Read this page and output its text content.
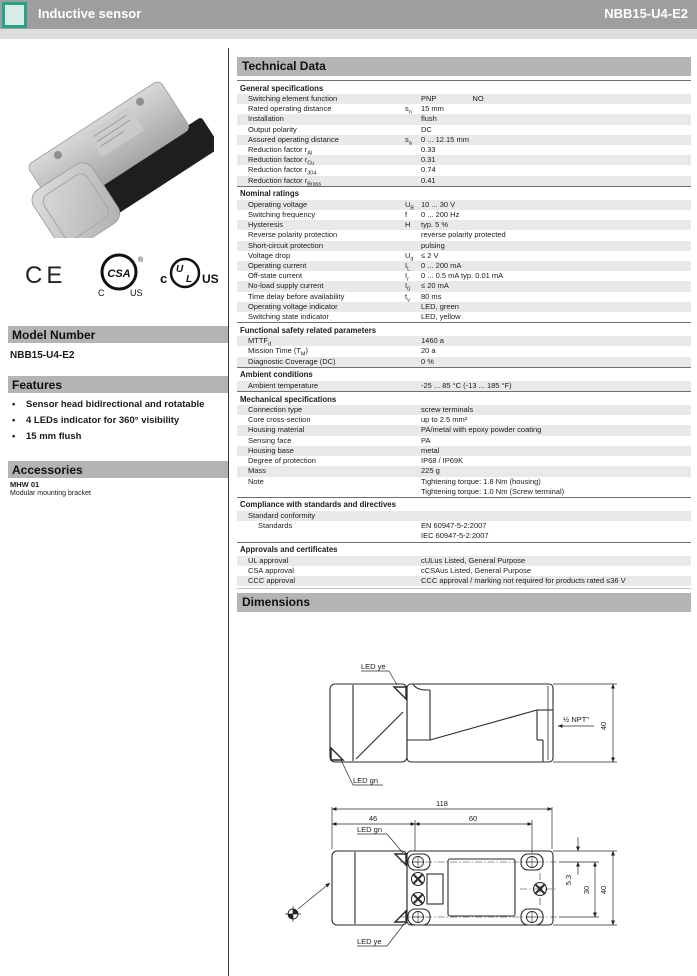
Inductive sensor	NBB15-U4-E2
CE	CSA
®
C	US
c
U
L US
Model Number
NBB15-U4-E2
Features
• Sensor head bidirectional and rotatable
• 4 LEDs indicator for 360° visibility
• 15 mm flush
Accessories
MHW 01
Modular mounting bracket
Technical Data
General specifications
Switching element function	PNP	NO
Rated operating distance	$s_n$	15 mm
Installation	flush
Output polarity	DC
Assured operating distance	$s_a$	0 ... 12.15 mm
Reduction factor $r_{Al}$	0.33
Reduction factor $r_{Cu}$	0.31
Reduction factor $r_{304}$	0.74
Reduction factor $r_{Brass}$	0.41
Nominal ratings
Operating voltage	$U_B$ 10 ... 30 V
Switching frequency	f	0 ... 200 Hz
Hysteresis	H	typ. 5 %
Reverse polarity protection	reverse polarity protected
Short-circuit protection	pulsing
Voltage drop	$U_d$	≤ 2 V
Operating current	$I_L$	0 ... 200 mA
Off-state current	$I_r$	0 ... 0.5 mA typ. 0.01 mA
No-load supply current	$I_0$	≤ 20 mA
Time delay before availability	$t_v$	80 ms
Operating voltage indicator	LED, green
Switching state indicator	LED, yellow
Functional safety related parameters
$MTTF_d$	1460 a
Mission Time $(T_M)$	20 a
Diagnostic Coverage (DC)	0 %
Ambient conditions
Ambient temperature	-25 ... 85 °C (-13 ... 185 °F)
Mechanical specifications
Connection type	screw terminals
Core cross-section	up to 2.5 mm²
Housing material	PA/metal with epoxy powder coating
Sensing face	PA
Housing base	metal
Degree of protection	IP68 / IP69K
Mass	225 g
Note	Tightening torque: 1.8 Nm (housing)
Tightening torque: 1.0 Nm (Screw terminal)
Compliance with standards and directives
Standard conformity
Standards	EN 60947-5-2:2007
IEC 60947-5-2:2007
Approvals and certificates
UL approval	cULus Listed, General Purpose
CSA approval	cCSAus Listed, General Purpose
CCC approval	CCC approval / marking not required for products rated ≤36 V
Dimensions
LED ye
LED gn
½ NPT"
40
118
46	60
LED gn
LED ye
5.3
30 40
